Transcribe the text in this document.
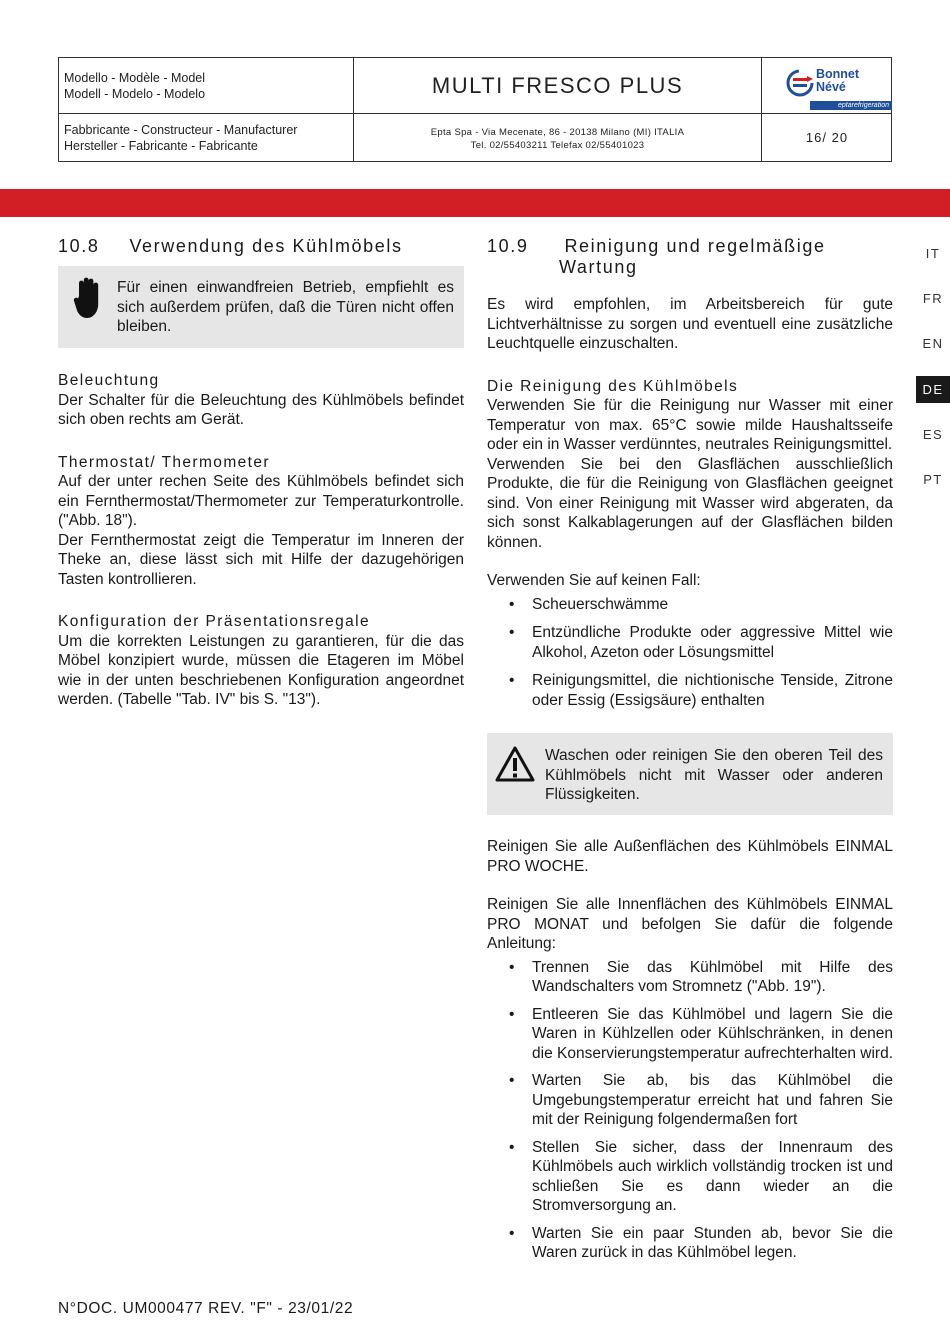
Modello - Modèle - Model
Modell - Modelo - Modelo
Fabbricante - Constructeur - Manufacturer
Hersteller - Fabricante - Fabricante
MULTI FRESCO PLUS
Epta Spa - Via Mecenate, 86 - 20138 Milano (MI) ITALIA
Tel. 02/55403211 Telefax 02/55401023
16/ 20
Bonnet
Névé
eptarefrigeration
IT
FR
EN
DE
ES
PT
10.8 Verwendung des Kühlmöbels

Für einen einwandfreien Betrieb, empfiehlt es sich außerdem prüfen, daß die Türen nicht offen bleiben.

Beleuchtung

Der Schalter für die Beleuchtung des Kühlmöbels befindet sich oben rechts am Gerät.

Thermostat/ Thermometer

Auf der unter rechen Seite des Kühlmöbels befindet sich ein Fernthermostat/Thermometer zur Temperaturkontrolle. ("Abb. 18").

Der Fernthermostat zeigt die Temperatur im Inneren der Theke an, diese lässt sich mit Hilfe der dazugehörigen Tasten kontrollieren.

Konfiguration der Präsentationsregale

Um die korrekten Leistungen zu garantieren, für die das Möbel konzipiert wurde, müssen die Etageren im Möbel wie in der unten beschriebenen Konfiguration angeordnet werden. (Tabelle "Tab. IV" bis S. "13").

10.9 Reinigung und regelmäßige
Wartung

Es wird empfohlen, im Arbeitsbereich für gute Lichtverhältnisse zu sorgen und eventuell eine zusätzliche Leuchtquelle einzuschalten.

Die Reinigung des Kühlmöbels

Verwenden Sie für die Reinigung nur Wasser mit einer Temperatur von max. 65°C sowie milde Haushaltsseife oder ein in Wasser verdünntes, neutrales Reinigungsmittel.

Verwenden Sie bei den Glasflächen ausschließlich Produkte, die für die Reinigung von Glasflächen geeignet sind. Von einer Reinigung mit Wasser wird abgeraten, da sich sonst Kalkablagerungen auf der Glasflächen bilden können.

Verwenden Sie auf keinen Fall:

• Scheuerschwämme
• Entzündliche Produkte oder aggressive Mittel wie Alkohol, Azeton oder Lösungsmittel
• Reinigungsmittel, die nichtionische Tenside, Zitrone oder Essig (Essigsäure) enthalten

Waschen oder reinigen Sie den oberen Teil des Kühlmöbels nicht mit Wasser oder anderen Flüssigkeiten.

Reinigen Sie alle Außenflächen des Kühlmöbels EINMAL PRO WOCHE.

Reinigen Sie alle Innenflächen des Kühlmöbels EINMAL PRO MONAT und befolgen Sie dafür die folgende Anleitung:

• Trennen Sie das Kühlmöbel mit Hilfe des Wandschalters vom Stromnetz ("Abb. 19").
• Entleeren Sie das Kühlmöbel und lagern Sie die Waren in Kühlzellen oder Kühlschränken, in denen die Konservierungstemperatur aufrechterhalten wird.
• Warten Sie ab, bis das Kühlmöbel die Umgebungstemperatur erreicht hat und fahren Sie mit der Reinigung folgendermaßen fort
• Stellen Sie sicher, dass der Innenraum des Kühlmöbels auch wirklich vollständig trocken ist und schließen Sie es dann wieder an die Stromversorgung an.
• Warten Sie ein paar Stunden ab, bevor Sie die Waren zurück in das Kühlmöbel legen.
N°DOC. UM000477 REV. "F" - 23/01/22
